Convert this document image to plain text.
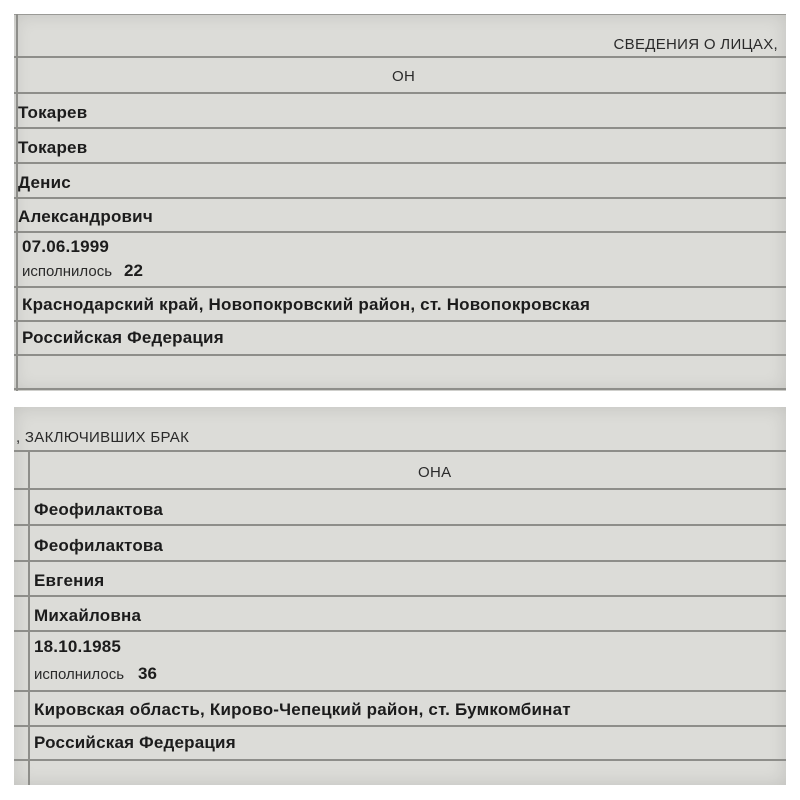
СВЕДЕНИЯ О ЛИЦАХ,
ОН
Токарев
Токарев
Денис
Александрович
07.06.1999
исполнилось 22
Краснодарский край, Новопокровский район, ст. Новопокровская
Российская Федерация
, ЗАКЛЮЧИВШИХ БРАК
ОНА
Феофилактова
Феофилактова
Евгения
Михайловна
18.10.1985
исполнилось 36
Кировская область, Кирово-Чепецкий район, ст. Бумкомбинат
Российская Федерация
